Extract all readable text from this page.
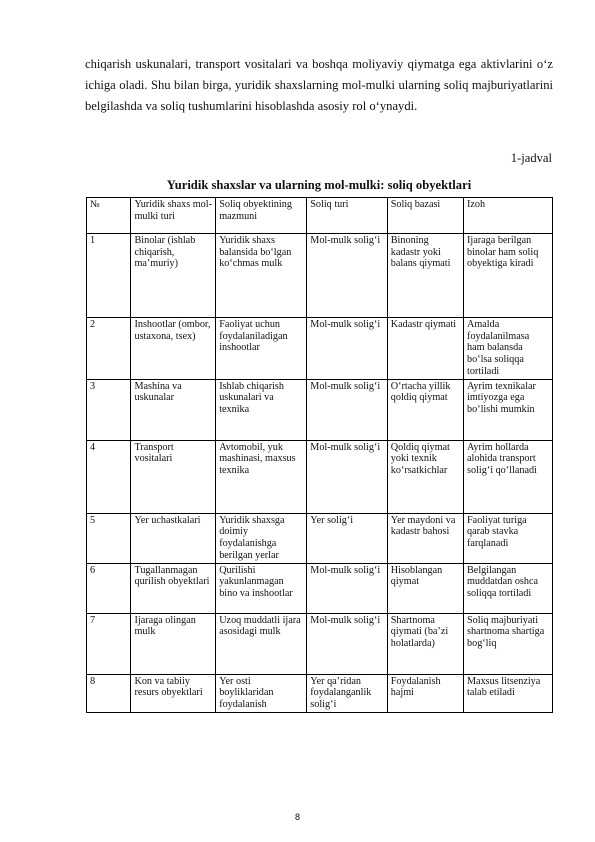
chiqarish uskunalari, transport vositalari va boshqa moliyaviy qiymatga ega aktivlarini o‘z ichiga oladi. Shu bilan birga, yuridik shaxslarning mol-mulki ularning soliq majburiyatlarini belgilashda va soliq tushumlarini hisoblashda asosiy rol o‘ynaydi.
1-jadval
Yuridik shaxslar va ularning mol-mulki: soliq obyektlari
№	Yuridik shaxs mol-mulki turi	Soliq obyektining mazmuni	Soliq turi	Soliq bazasi	Izoh
1	Binolar (ishlab chiqarish, ma’muriy)	Yuridik shaxs balansida bo‘lgan ko‘chmas mulk	Mol-mulk solig‘i	Binoning kadastr yoki balans qiymati	Ijaraga berilgan binolar ham soliq obyektiga kiradi
2	Inshootlar (ombor, ustaxona, tsex)	Faoliyat uchun foydalaniladigan inshootlar	Mol-mulk solig‘i	Kadastr qiymati	Amalda foydalanilmasa ham balansda bo‘lsa soliqqa tortiladi
3	Mashina va uskunalar	Ishlab chiqarish uskunalari va texnika	Mol-mulk solig‘i	O‘rtacha yillik qoldiq qiymat	Ayrim texnikalar imtiyozga ega bo‘lishi mumkin
4	Transport vositalari	Avtomobil, yuk mashinasi, maxsus texnika	Mol-mulk solig‘i	Qoldiq qiymat yoki texnik ko‘rsatkichlar	Ayrim hollarda alohida transport solig‘i qo‘llanadi
5	Yer uchastkalari	Yuridik shaxsga doimiy foydalanishga berilgan yerlar	Yer solig‘i	Yer maydoni va kadastr bahosi	Faoliyat turiga qarab stavka farqlanadi
6	Tugallanmagan qurilish obyektlari	Qurilishi yakunlanmagan bino va inshootlar	Mol-mulk solig‘i	Hisoblangan qiymat	Belgilangan muddatdan oshca soliqqa tortiladi
7	Ijaraga olingan mulk	Uzoq muddatli ijara asosidagi mulk	Mol-mulk solig‘i	Shartnoma qiymati (ba’zi holatlarda)	Soliq majburiyati shartnoma shartiga bog‘liq
8	Kon va tabiiy resurs obyektlari	Yer osti boyliklaridan foydalanish	Yer qa’ridan foydalanganlik solig‘i	Foydalanish hajmi	Maxsus litsenziya talab etiladi
8
